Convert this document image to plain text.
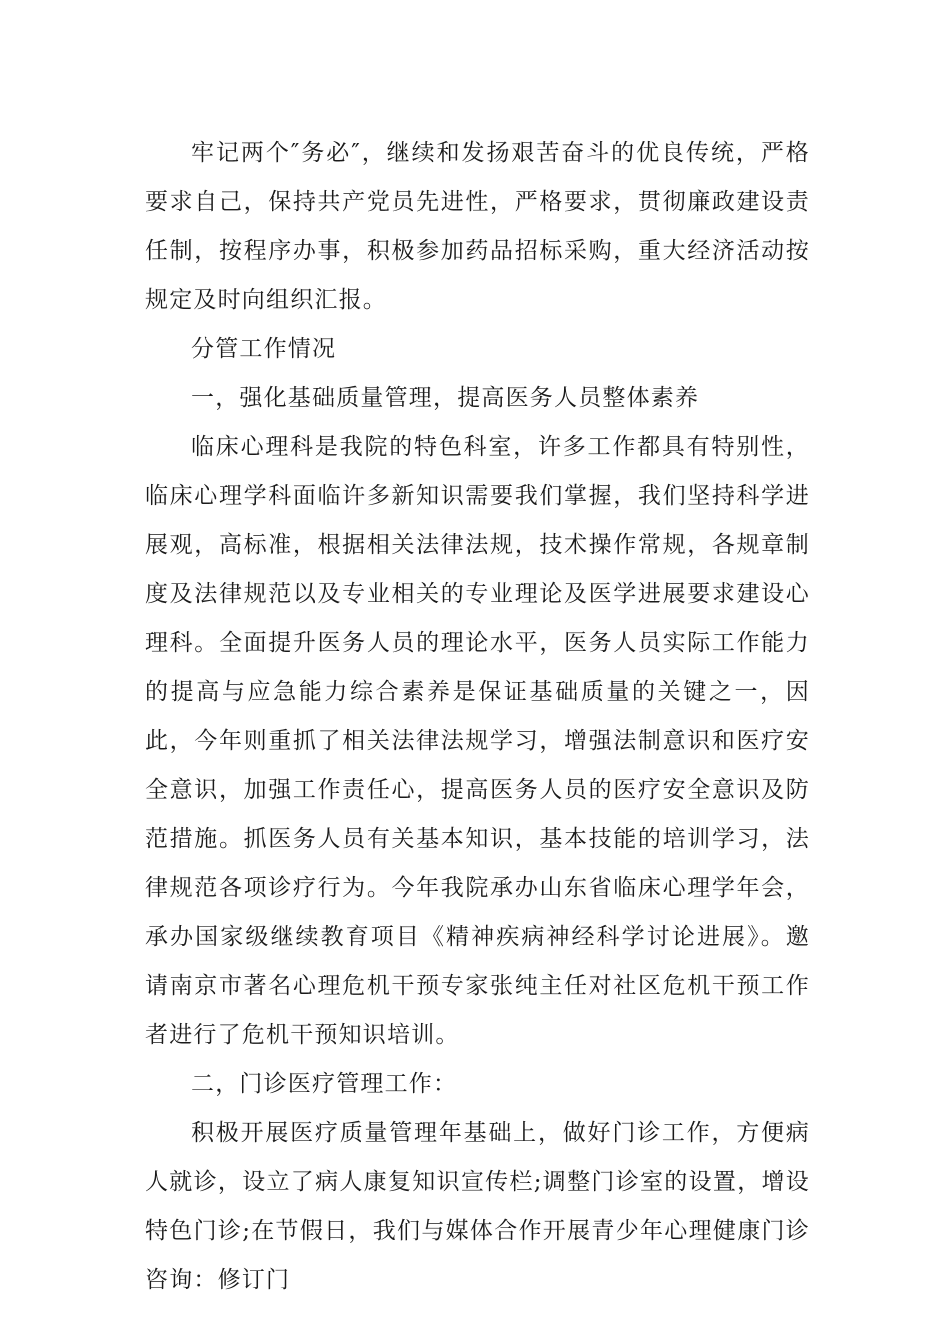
牢记两个″务必″，继续和发扬艰苦奋斗的优良传统，严格要求自己，保持共产党员先进性，严格要求，贯彻廉政建设责任制，按程序办事，积极参加药品招标采购，重大经济活动按规定及时向组织汇报。

分管工作情况

一，强化基础质量管理，提高医务人员整体素养

临床心理科是我院的特色科室，许多工作都具有特别性，临床心理学科面临许多新知识需要我们掌握，我们坚持科学进展观，高标准，根据相关法律法规，技术操作常规，各规章制度及法律规范以及专业相关的专业理论及医学进展要求建设心理科。全面提升医务人员的理论水平，医务人员实际工作能力的提高与应急能力综合素养是保证基础质量的关键之一，因此，今年则重抓了相关法律法规学习，增强法制意识和医疗安全意识，加强工作责任心，提高医务人员的医疗安全意识及防范措施。抓医务人员有关基本知识，基本技能的培训学习，法律规范各项诊疗行为。今年我院承办山东省临床心理学年会，承办国家级继续教育项目《精神疾病神经科学讨论进展》。邀请南京市著名心理危机干预专家张纯主任对社区危机干预工作者进行了危机干预知识培训。

二，门诊医疗管理工作：

积极开展医疗质量管理年基础上，做好门诊工作，方便病人就诊，设立了病人康复知识宣传栏;调整门诊室的设置，增设特色门诊;在节假日，我们与媒体合作开展青少年心理健康门诊咨询：修订门
